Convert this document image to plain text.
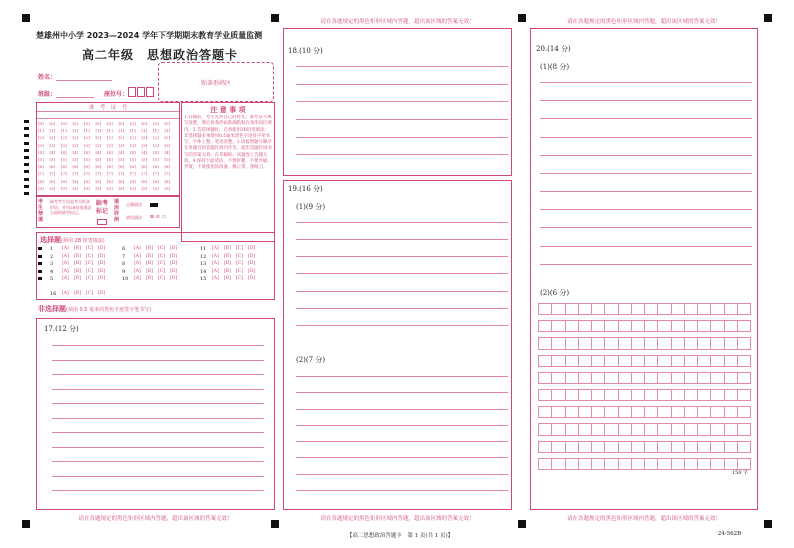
楚雄州中小学 2023—2024 学年下学期期末教育学业质量监测
高二年级　思想政治答题卡
姓名：
班级：	座位号：
贴条形码区
准　考　证　号
[0] [0] [0] [0] [0] [0] [0] [0] [0] [0] [0] [0]
[1] [1] [1] [1] [1] [1] [1] [1] [1] [1] [1] [1]
[2] [2] [2] [2] [2] [2] [2] [2] [2] [2] [2] [2]
[3] [3] [3] [3] [3] [3] [3] [3] [3] [3] [3] [3]
[4] [4] [4] [4] [4] [4] [4] [4] [4] [4] [4] [4]
[5] [5] [5] [5] [5] [5] [5] [5] [5] [5] [5] [5]
[6] [6] [6] [6] [6] [6] [6] [6] [6] [6] [6] [6]
[7] [7] [7] [7] [7] [7] [7] [7] [7] [7] [7] [7]
[8] [8] [8] [8] [8] [8] [8] [8] [8] [8] [8] [8]
[9] [9] [9] [9] [9] [9] [9] [9] [9] [9] [9] [9]
注 意 事 项
1.答题前，考生先将自己的姓名、准考证号填写清楚，然后将条形码准确粘贴在条形码区域内。2.答选择题时，必须使用2B铅笔填涂；非选择题必须使用0.5毫米黑色字迹签字笔书写，字体工整、笔迹清楚。3.请按照题号顺序在各题目的答题区域内作答，超出答题区域书写的答案无效；在草稿纸、试题卷上答题无效。4.保持卡面清洁，不要折叠、不要弄破、弄皱，不准使用涂改液、修正带、刮纸刀。
考生禁填
缺考考生由监考员贴条形码，并用2B铅笔填涂右面的缺考标记。
缺考标记
填涂样例
正确填涂
错误填涂 ⊠ ⊘ ▭
选择题(须用 2B 铅笔填涂)
1 [A] [B] [C] [D]
2 [A] [B] [C] [D]
3 [A] [B] [C] [D]
4 [A] [B] [C] [D]
5 [A] [B] [C] [D]
6 [A] [B] [C] [D]
7 [A] [B] [C] [D]
8 [A] [B] [C] [D]
9 [A] [B] [C] [D]
10 [A] [B] [C] [D]
11 [A] [B] [C] [D]
12 [A] [B] [C] [D]
13 [A] [B] [C] [D]
14 [A] [B] [C] [D]
15 [A] [B] [C] [D]
16 [A] [B] [C] [D]
非选择题(须用 0.5 毫米的黑色字迹签字笔书写)
17.(12 分)
请在各题规定的黑色矩形区域内答题，超出该区域的答案无效！
请在各题规定的黑色矩形区域内答题，超出该区域的答案无效！
18.(10 分)
19.(16 分)
(1)(9 分)
(2)(7 分)
请在各题规定的黑色矩形区域内答题，超出该区域的答案无效！
请在各题规定的黑色矩形区域内答题，超出该区域的答案无效！
20.(14 分)
(1)(8 分)
(2)(6 分)
150 字
请在各题规定的黑色矩形区域内答题，超出该区域的答案无效！
【高二思想政治答题卡　第 1 页(共 1 页)】	·24-562B·
